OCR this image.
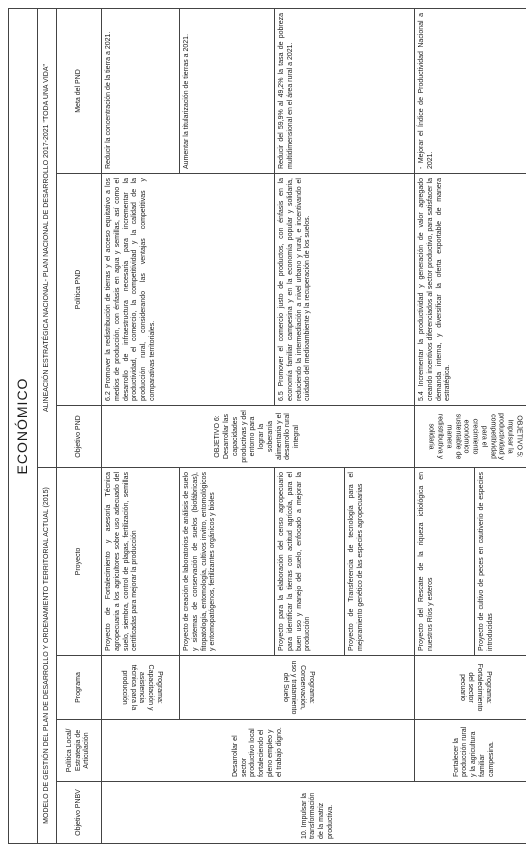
ECONÓMICO						
MODELO DE GESTIÓN DEL PLAN DE DESARROLLO Y ORDENAMIENTO TERRITORIAL ACTUAL (2015)				ALINEACIÓN ESTRATÉGICA NACIONAL- PLAN NACIONAL DE DESARROLLO 2017-2021 "TODA UNA VIDA"		
Objetivo PNBV	Política Local/ Estrategia de Articulación	Programa	Proyecto	Objetivo PND	Política PND	Meta del PND
10. Impulsar la transformación de la matriz productiva.	Desarrollar el sector productivo local fortaleciendo el pleno empleo y el trabajo digno.	Programa: Capacitación y asistencia técnica para la producción	Proyecto de Fortalecimiento y asesoría Técnica agropecuaria a los agricultores sobre uso adecuado del suelo, siembra, control de plagas, fertilización, semillas certificadas para mejorar la producción	OBJETIVO 6: Desarrollar las capacidades productivas y del entorno para lograr la soberanía alimentaria y el desarrollo rural integral	6.2 Promover la redistribución de tierras y el acceso equitativo a los medios de producción, con énfasis en agua y semillas, así como el desarrollo de infraestructura necesaria para incrementar la productividad, el comercio, la competitividad y la calidad de la producción rural, considerando las ventajas competitivas y comparativas territoriales.	Reducir la concentración de la tierra a 2021.
		Programa: Conservación, uso y tratamiento del Suelo	Proyecto de creación de laboratorios de análisis de suelo y sistemas de conservación de suelos (biofábricas), fitopatología, entomología, cultivos invitro, entomológicos y entomopatógenos, fertilizantes orgánicos y bioles			Aumentar la titularización de tierras a 2021.
			Proyecto para la elaboración del censo agropecuario para identificar la tierras con actitud agrícola, para el buen uso y manejo del suelo, enfocado a mejorar la producción		6.5 Promover el comercio justo de productos, con énfasis en la economía familiar campesina y en la economía popular y solidaria, reduciendo la intermediación a nivel urbano y rural, e incentivando el cuidado del medioambiente y la recuperación de los suelos.	Reducir del 59,9% al 49,2% la tasa de pobreza multidimensional en el área rural a 2021.
			Proyecto de Transferencia de tecnología para el mejoramiento genético de las especies agropecuarias			
	Fortalecer la producción rural y la agricultura familiar campesina.	Programa: Fortalecimiento del sector pecuario	Proyecto del Rescate de la riqueza ictiológica en nuestros Ríos y esteros	OBJETIVO 5: Impulsar la productividad y competitividad para el crecimiento económico sustentable de manera redistributiva y solidaria	5.4 Incrementar la productividad y generación de valor agregado creando incentivos diferenciados al sector productivo, para satisfacer la demanda interna, y diversificar la oferta exportable de manera estratégica.	- Mejorar el Índice de Productividad Nacional a 2021.
			Proyecto de cultivo de peces en cautiverio de especies introducidas			
